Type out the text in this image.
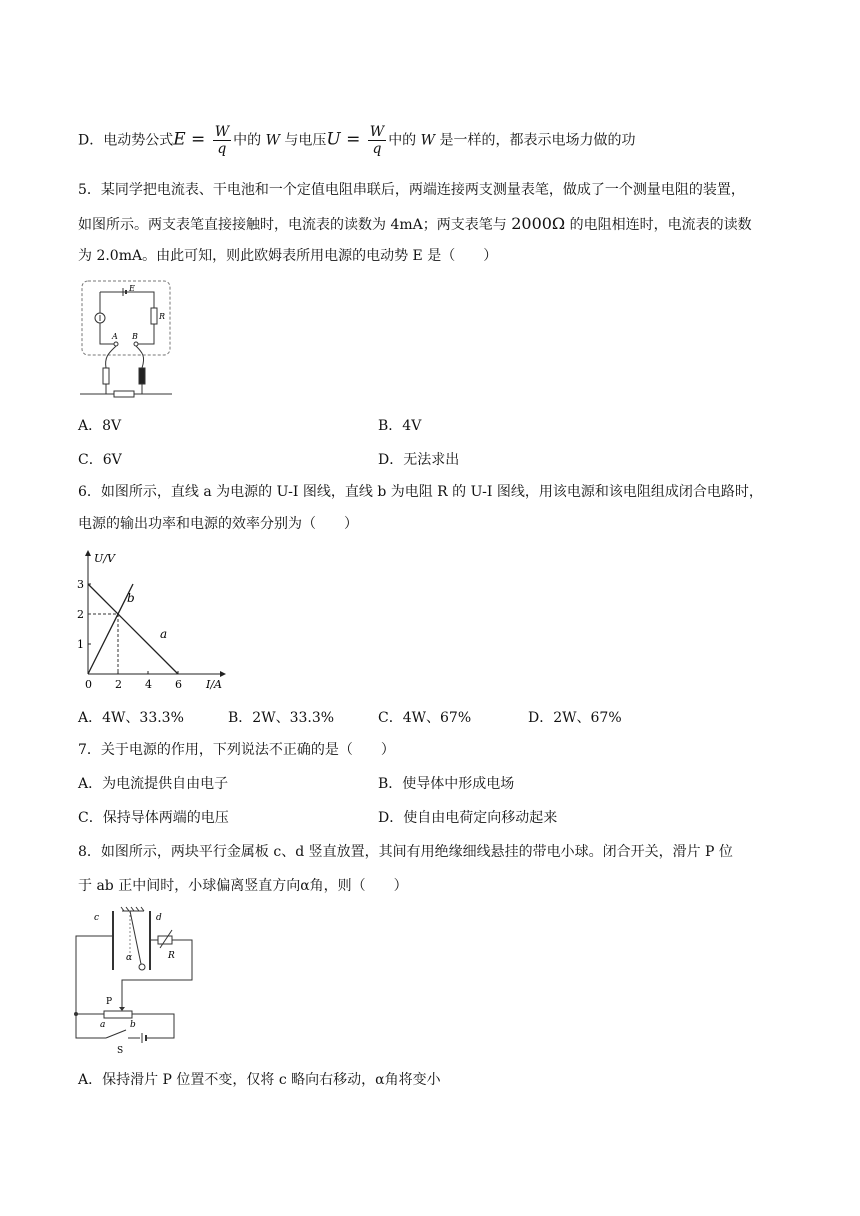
D．电动势公式$E = \frac{W}{q}$ 中的 W 与电压$U = \frac{W}{q}$ 中的 W 是一样的，都表示电场力做的功
5．某同学把电流表、干电池和一个定值电阻串联后，两端连接两支测量表笔，做成了一个测量电阻的装置，
如图所示。两支表笔直接接触时，电流表的读数为 4mA；两支表笔与 2000Ω 的电阻相连时，电流表的读数
为 2.0mA。由此可知，则此欧姆表所用电源的电动势 E 是（　　）
E
R
A B
A．8V	B．4V
C．6V	D．无法求出
6．如图所示，直线 a 为电源的 U-I 图线，直线 b 为电阻 R 的 U-I 图线，用该电源和该电阻组成闭合电路时，
电源的输出功率和电源的效率分别为（　　）
U/V
I/A
0 2 4 6
1
2
3
a
b
A．4W、33.3%	B．2W、33.3%	C．4W、67%	D．2W、67%
7．关于电源的作用，下列说法不正确的是（　　）
A．为电流提供自由电子	B．使导体中形成电场
C．保持导体两端的电压	D．使自由电荷定向移动起来
8．如图所示，两块平行金属板 c、d 竖直放置，其间有用绝缘细线悬挂的带电小球。闭合开关，滑片 P 位
于 ab 正中间时，小球偏离竖直方向α角，则（　　）
c	d
α	R
P
a	b
S
A．保持滑片 P 位置不变，仅将 c 略向右移动，α角将变小
